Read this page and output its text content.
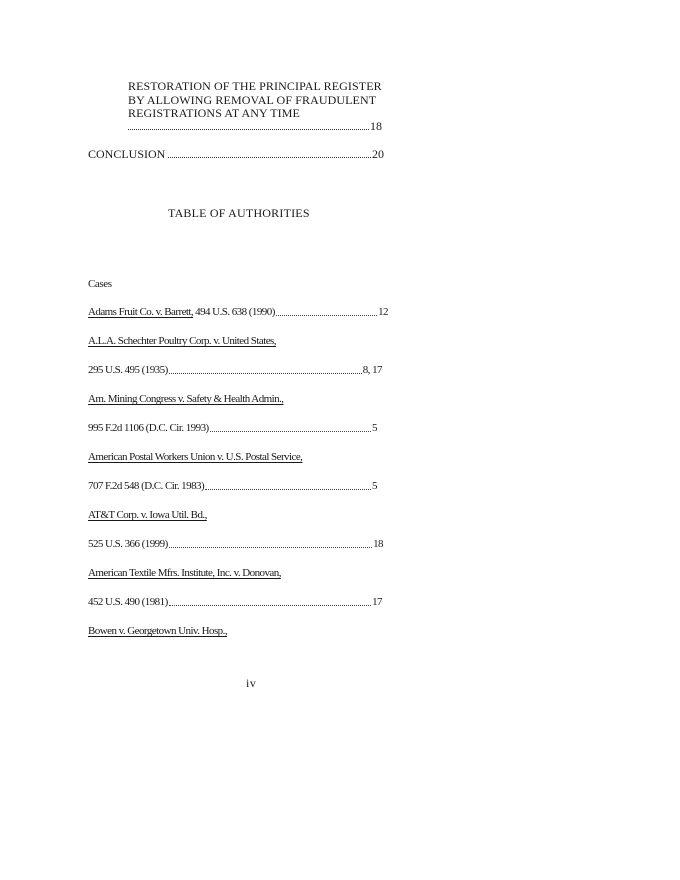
RESTORATION OF THE PRINCIPAL REGISTER
BY ALLOWING REMOVAL OF FRAUDULENT
REGISTRATIONS AT ANY TIME
18
CONCLUSION	20
TABLE OF AUTHORITIES
Cases
Adams Fruit Co. v. Barrett, 494 U.S. 638 (1990)	12
A.L.A. Schechter Poultry Corp. v. United States,
295 U.S. 495 (1935)	8, 17
Am. Mining Congress v. Safety & Health Admin.,
995 F.2d 1106 (D.C. Cir. 1993)	5
American Postal Workers Union v. U.S. Postal Service,
707 F.2d 548 (D.C. Cir. 1983)	5
AT&T Corp. v. Iowa Util. Bd.,
525 U.S. 366 (1999)	18
American Textile Mfrs. Institute, Inc. v. Donovan,
452 U.S. 490 (1981)	17
Bowen v. Georgetown Univ. Hosp.,
iv
